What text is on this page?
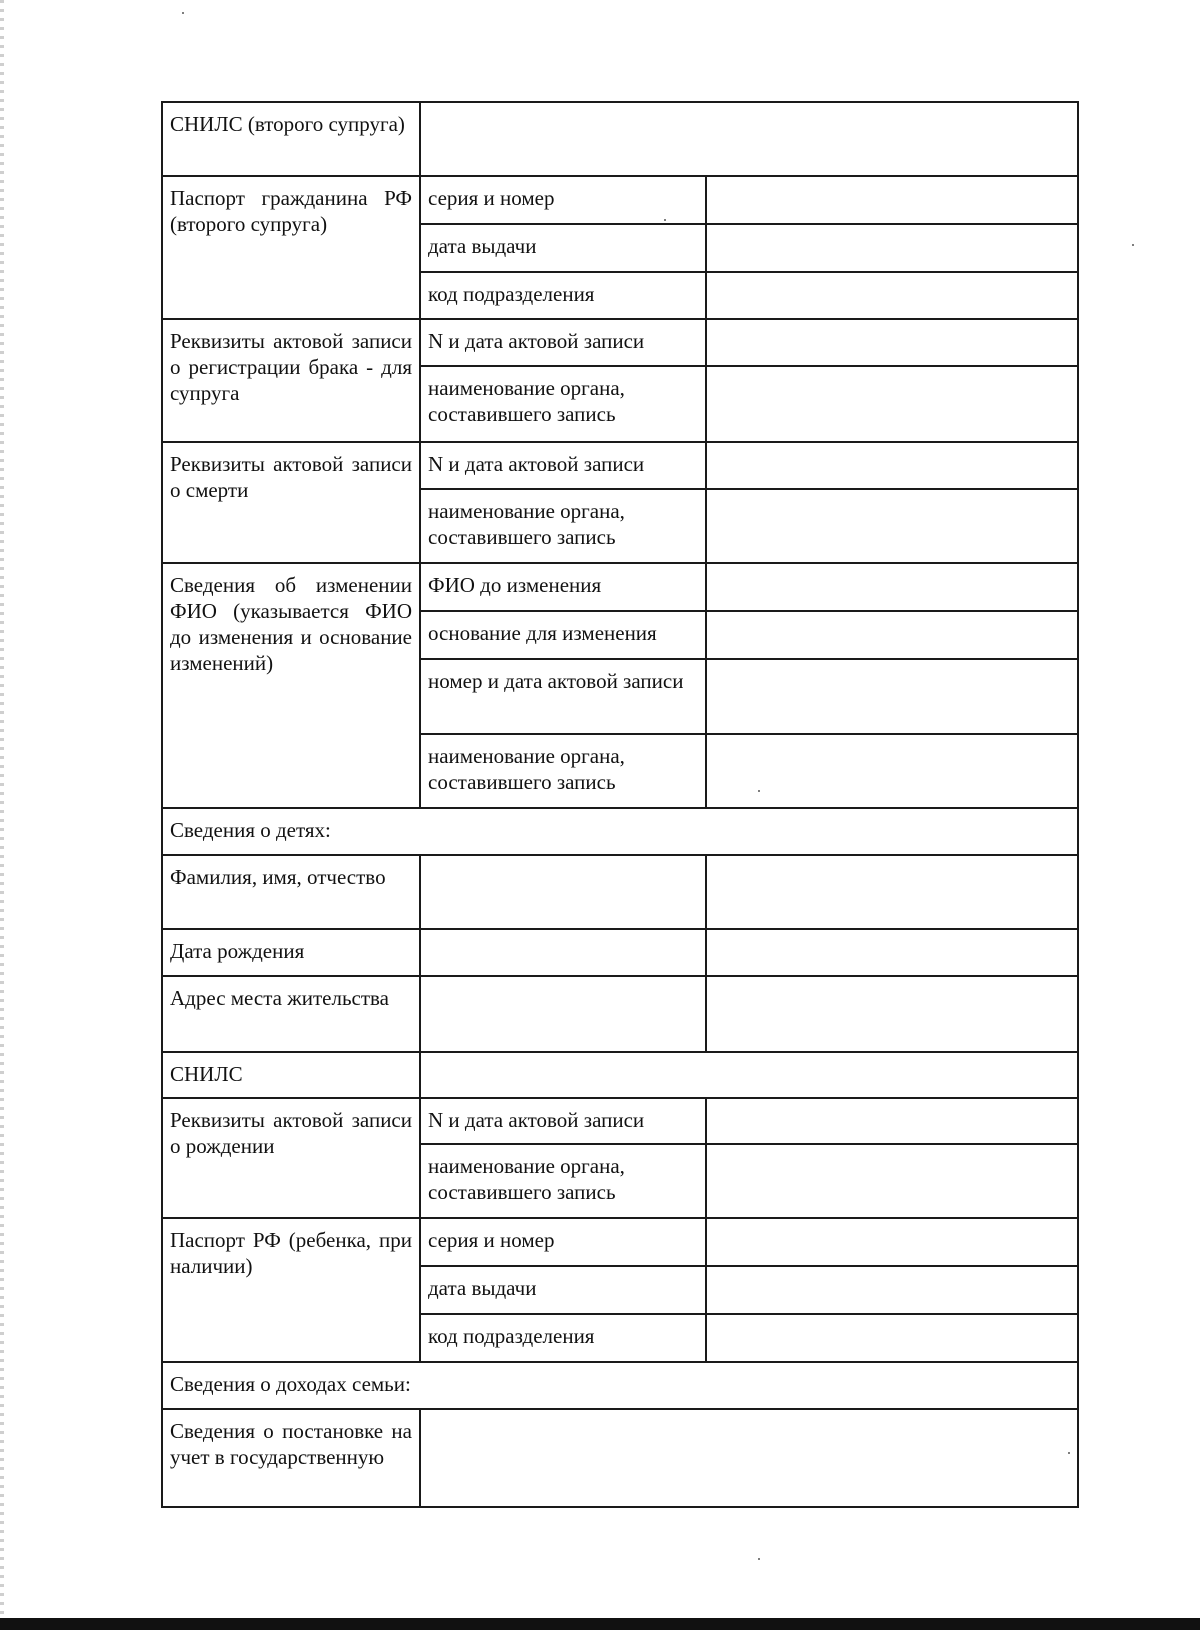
СНИЛС (второго супруга)		
Паспорт гражданина РФ (второго супруга)	серия и номер	
	дата выдачи	
	код подразделения	
Реквизиты актовой записи о регистрации брака - для супруга	N и дата актовой записи	
	наименование органа, составившего запись	
Реквизиты актовой записи о смерти	N и дата актовой записи	
	наименование органа, составившего запись	
Сведения об изменении ФИО (указывается ФИО до изменения и основание изменений)	ФИО до изменения	
	основание для изменения	
	номер и дата актовой записи	
	наименование органа, составившего запись	
Сведения о детях:		
Фамилия, имя, отчество		
Дата рождения		
Адрес места жительства		
СНИЛС		
Реквизиты актовой записи о рождении	N и дата актовой записи	
	наименование органа, составившего запись	
Паспорт РФ (ребенка, при наличии)	серия и номер	
	дата выдачи	
	код подразделения	
Сведения о доходах семьи:		
Сведения о постановке на учет в государственную		
